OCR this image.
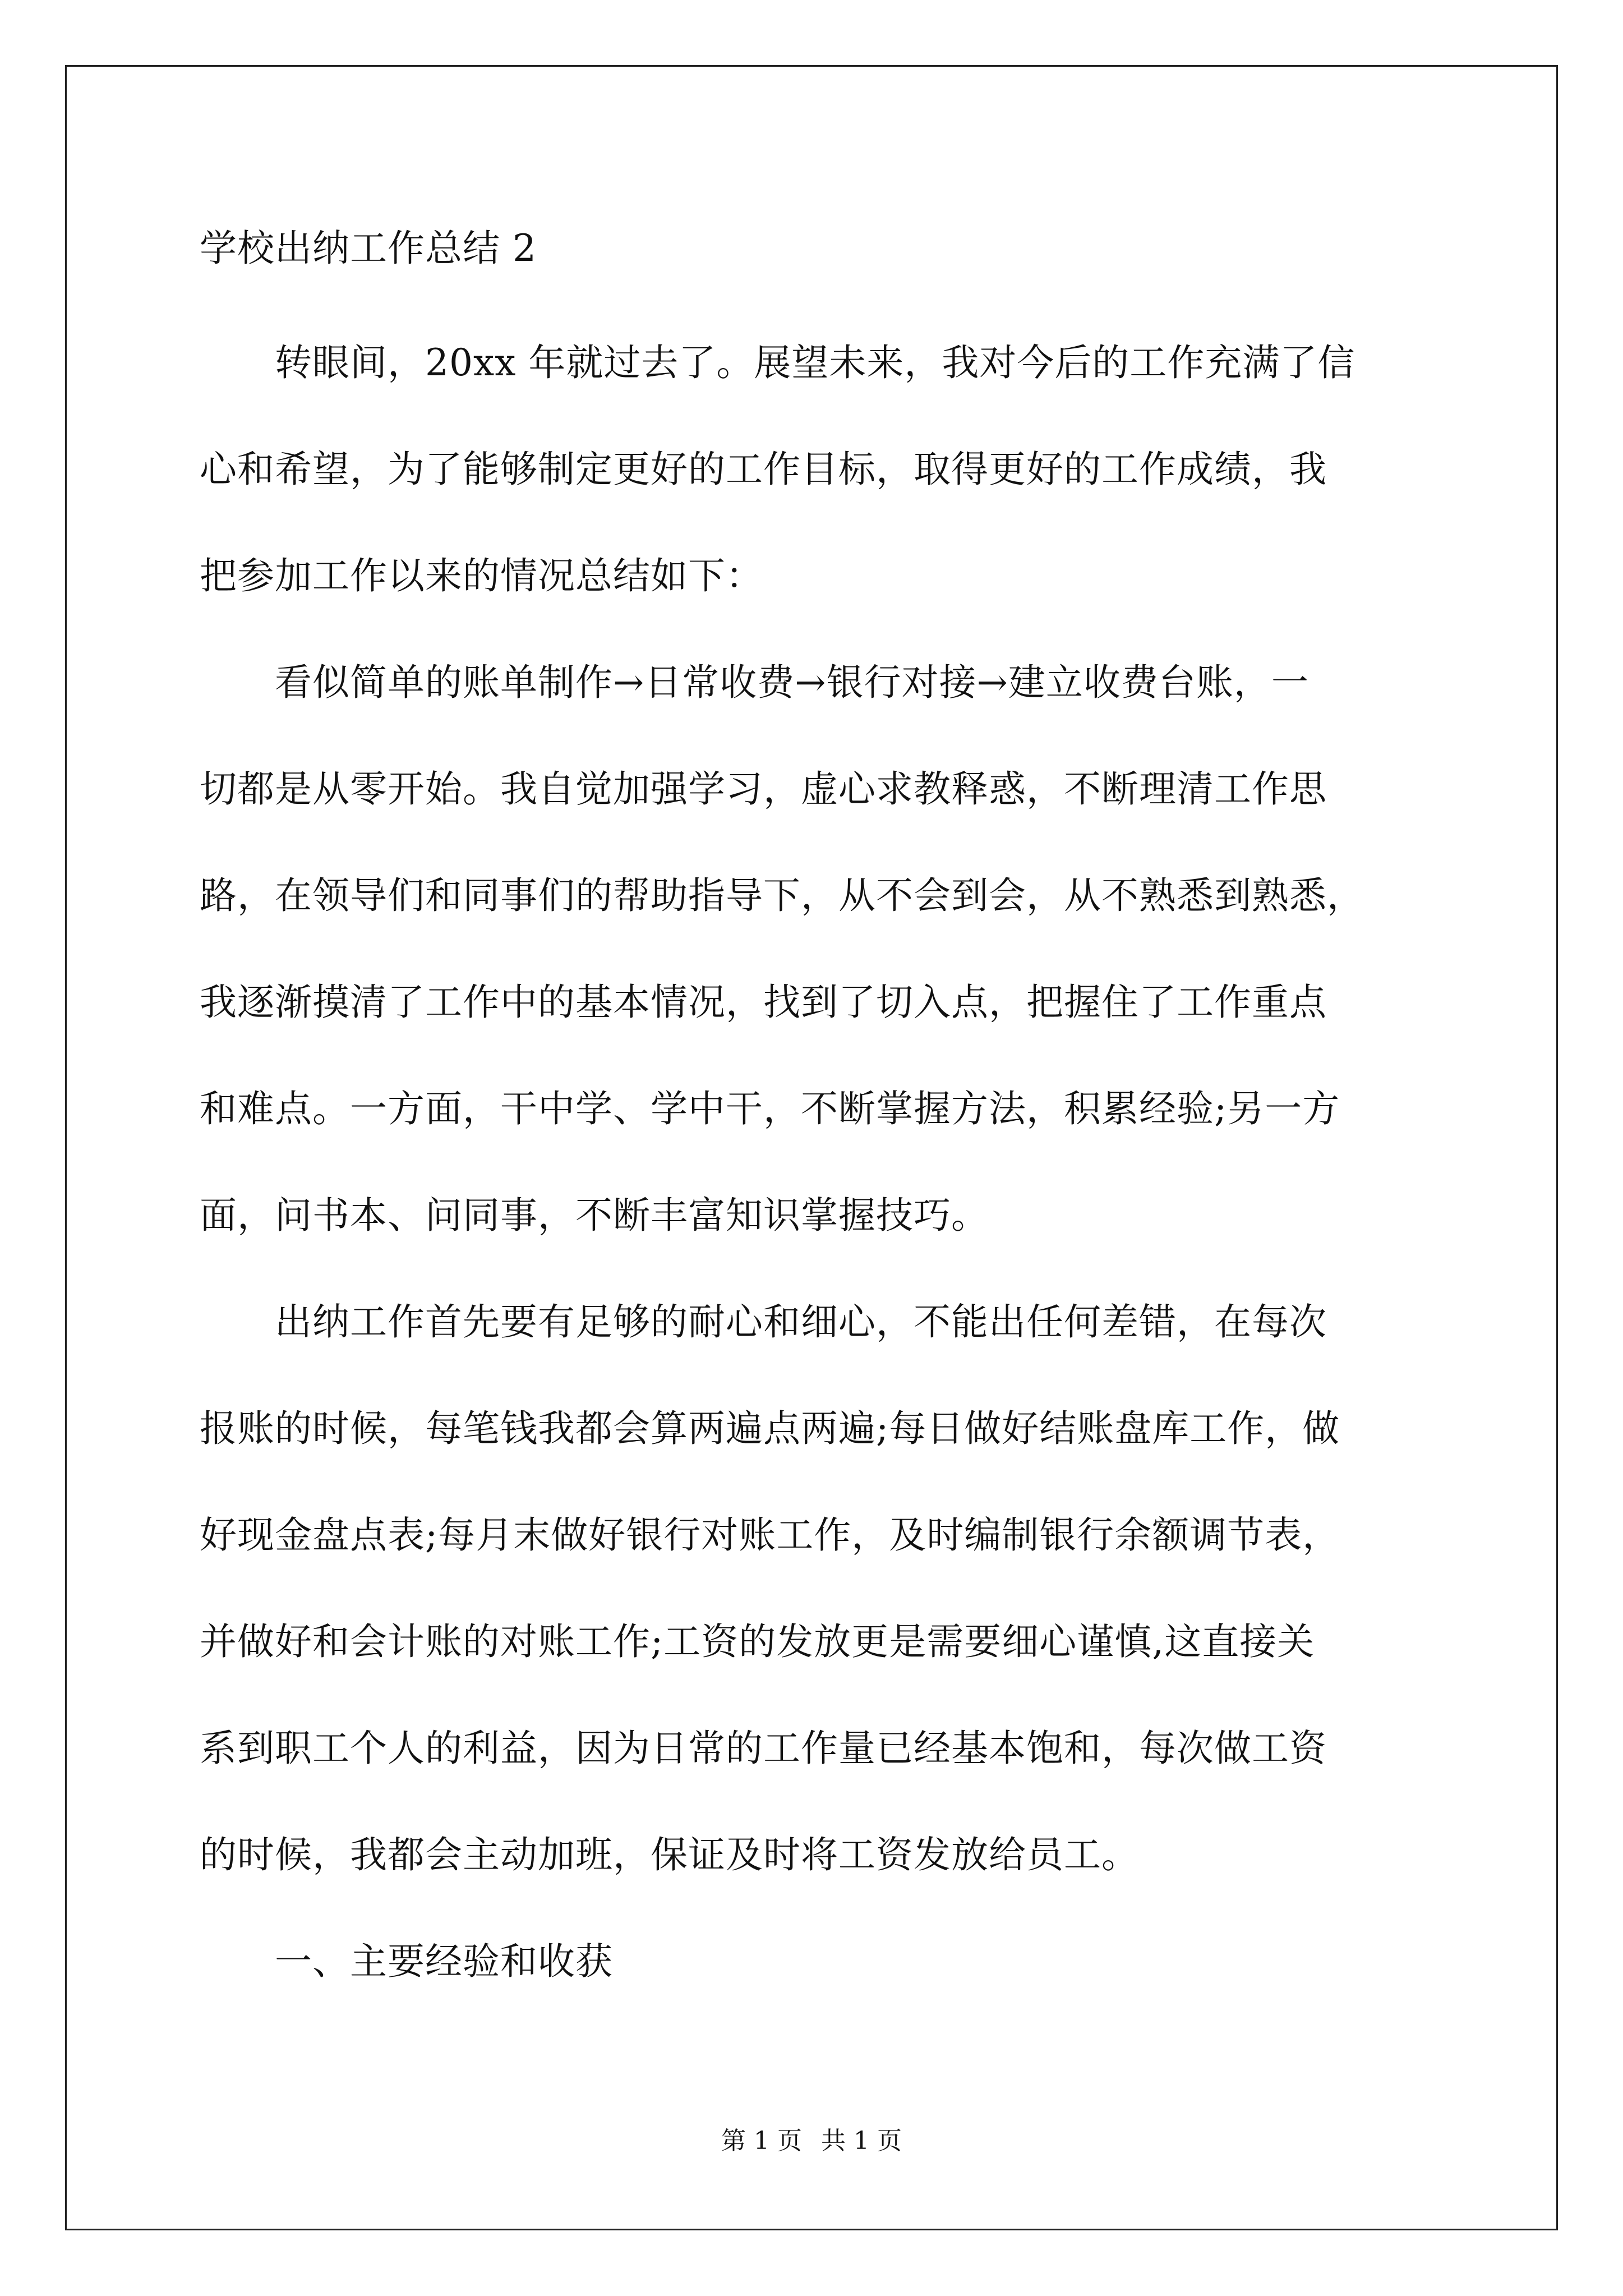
学校出纳工作总结 2
　　转眼间，20xx 年就过去了。展望未来，我对今后的工作充满了信
心和希望，为了能够制定更好的工作目标，取得更好的工作成绩，我
把参加工作以来的情况总结如下：
　　看似简单的账单制作→日常收费→银行对接→建立收费台账，一
切都是从零开始。我自觉加强学习，虚心求教释惑，不断理清工作思
路，在领导们和同事们的帮助指导下，从不会到会，从不熟悉到熟悉，
我逐渐摸清了工作中的基本情况，找到了切入点，把握住了工作重点
和难点。一方面，干中学、学中干，不断掌握方法，积累经验;另一方
面，问书本、问同事，不断丰富知识掌握技巧。
　　出纳工作首先要有足够的耐心和细心，不能出任何差错，在每次
报账的时候，每笔钱我都会算两遍点两遍;每日做好结账盘库工作，做
好现金盘点表;每月末做好银行对账工作，及时编制银行余额调节表，
并做好和会计账的对账工作;工资的发放更是需要细心谨慎,这直接关
系到职工个人的利益，因为日常的工作量已经基本饱和，每次做工资
的时候，我都会主动加班，保证及时将工资发放给员工。
　　一、主要经验和收获
第 1 页 共 1 页
